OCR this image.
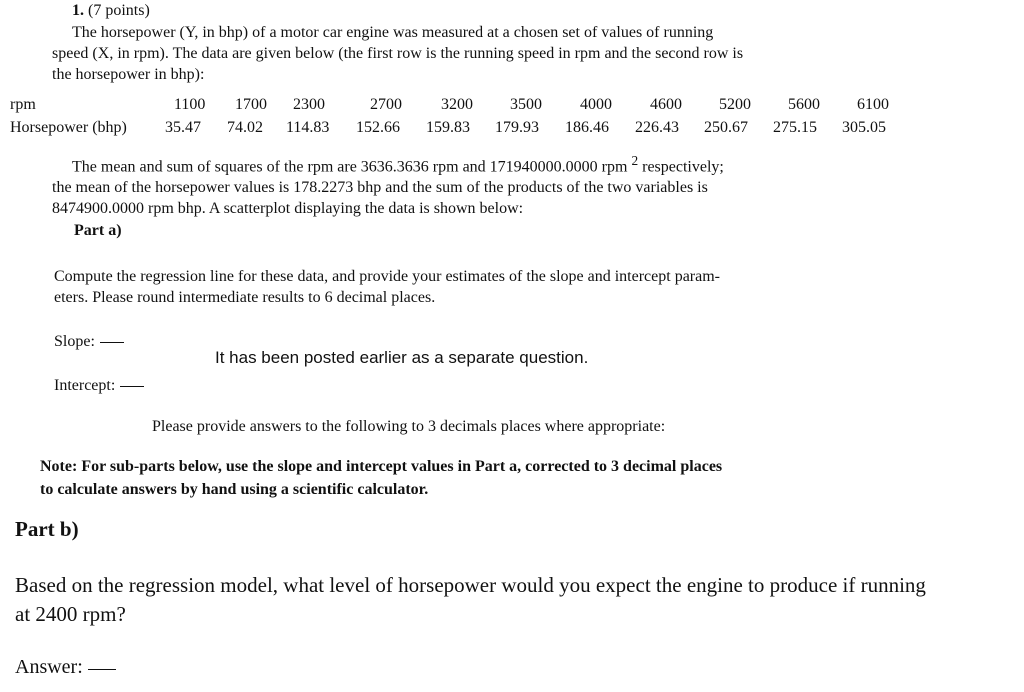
1. (7 points)
The horsepower (Y, in bhp) of a motor car engine was measured at a chosen set of values of running
speed (X, in rpm). The data are given below (the first row is the running speed in rpm and the second row is
the horsepower in bhp):
rpm	1100	1700	2300	2700	3200	3500	4000	4600	5200	5600	6100
Horsepower (bhp)	35.47	74.02	114.83	152.66	159.83	179.93	186.46	226.43	250.67	275.15	305.05
The mean and sum of squares of the rpm are 3636.3636 rpm and 171940000.0000 rpm $^2$ respectively;
the mean of the horsepower values is 178.2273 bhp and the sum of the products of the two variables is
8474900.0000 rpm bhp. A scatterplot displaying the data is shown below:
Part a)
Compute the regression line for these data, and provide your estimates of the slope and intercept param-
eters. Please round intermediate results to 6 decimal places.
Slope:
It has been posted earlier as a separate question.
Intercept:
Please provide answers to the following to 3 decimals places where appropriate:
Note: For sub-parts below, use the slope and intercept values in Part a, corrected to 3 decimal places
to calculate answers by hand using a scientific calculator.
Part b)
Based on the regression model, what level of horsepower would you expect the engine to produce if running
at 2400 rpm?
Answer:
